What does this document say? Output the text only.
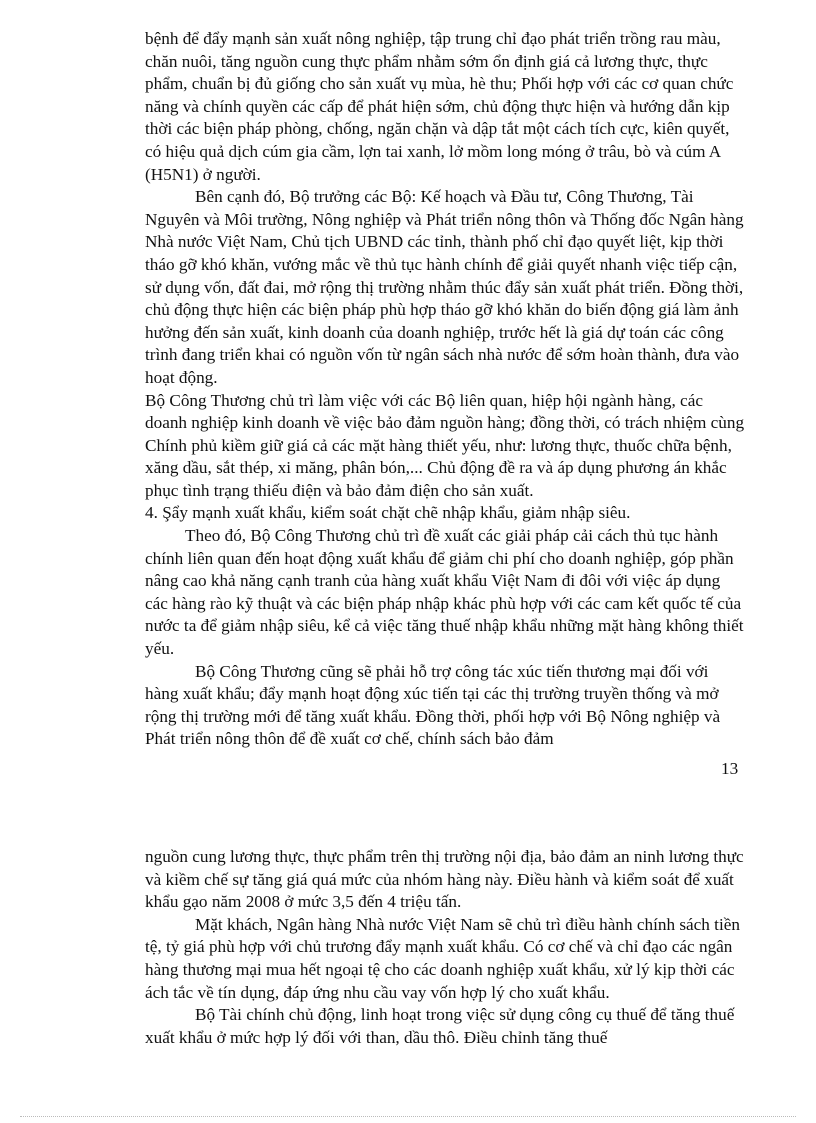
bệnh để đẩy mạnh sản xuất nông nghiệp, tập trung chỉ đạo phát triển trồng rau màu, chăn nuôi, tăng nguồn cung thực phẩm nhằm sớm ổn định giá cả lương thực, thực phẩm, chuẩn bị đủ giống cho sản xuất vụ mùa, hè thu; Phối hợp với các cơ quan chức năng và chính quyền các cấp để phát hiện sớm, chủ động thực hiện và hướng dẫn kịp thời các biện pháp phòng, chống, ngăn chặn và dập tắt một cách tích cực, kiên quyết, có hiệu quả dịch cúm gia cầm, lợn tai xanh, lở mồm long móng ở trâu, bò và cúm A (H5N1) ở người.

Bên cạnh đó, Bộ trưởng các Bộ: Kế hoạch và Đầu tư, Công Thương, Tài Nguyên và Môi trường, Nông nghiệp và Phát triển nông thôn và Thống đốc Ngân hàng Nhà nước Việt Nam, Chủ tịch UBND các tỉnh, thành phố chỉ đạo quyết liệt, kịp thời tháo gỡ khó khăn, vướng mắc về thủ tục hành chính để giải quyết nhanh việc tiếp cận, sử dụng vốn, đất đai, mở rộng thị trường nhằm thúc đẩy sản xuất phát triển. Đồng thời, chủ động thực hiện các biện pháp phù hợp tháo gỡ khó khăn do biến động giá làm ảnh hưởng đến sản xuất, kinh doanh của doanh nghiệp, trước hết là giá dự toán các công trình đang triển khai có nguồn vốn từ ngân sách nhà nước để sớm hoàn thành, đưa vào hoạt động.

Bộ Công Thương chủ trì làm việc với các Bộ liên quan, hiệp hội ngành hàng, các doanh nghiệp kinh doanh về việc bảo đảm nguồn hàng; đồng thời, có trách nhiệm cùng Chính phủ kiềm giữ giá cả các mặt hàng thiết yếu, như: lương thực, thuốc chữa bệnh, xăng dầu, sắt thép, xi măng, phân bón,... Chủ động đề ra và áp dụng phương án khắc phục tình trạng thiếu điện và bảo đảm điện cho sản xuất.

4. Şẩy mạnh xuất khẩu, kiểm soát chặt chẽ nhập khẩu, giảm nhập siêu.

Theo đó, Bộ Công Thương chủ trì đề xuất các giải pháp cải cách thủ tục hành chính liên quan đến hoạt động xuất khẩu để giảm chi phí cho doanh nghiệp, góp phần nâng cao khả năng cạnh tranh của hàng xuất khẩu Việt Nam đi đôi với việc áp dụng các hàng rào kỹ thuật và các biện pháp nhập khác phù hợp với các cam kết quốc tế của nước ta để giảm nhập siêu, kể cả việc tăng thuế nhập khẩu những mặt hàng không thiết yếu.

Bộ Công Thương cũng sẽ phải hỗ trợ công tác xúc tiến thương mại đối với hàng xuất khẩu; đẩy mạnh hoạt động xúc tiến tại các thị trường truyền thống và mở rộng thị trường mới để tăng xuất khẩu. Đồng thời, phối hợp với Bộ Nông nghiệp và Phát triển nông thôn để đề xuất cơ chế, chính sách bảo đảm

13

nguồn cung lương thực, thực phẩm trên thị trường nội địa, bảo đảm an ninh lương thực và kiềm chế sự tăng giá quá mức của nhóm hàng này. Điều hành và kiểm soát để xuất khẩu gạo năm 2008 ở mức 3,5 đến 4 triệu tấn.

Mặt khách, Ngân hàng Nhà nước Việt Nam sẽ chủ trì điều hành chính sách tiền tệ, tỷ giá phù hợp với chủ trương đẩy mạnh xuất khẩu. Có cơ chế và chỉ đạo các ngân hàng thương mại mua hết ngoại tệ cho các doanh nghiệp xuất khẩu, xử lý kịp thời các ách tắc về tín dụng, đáp ứng nhu cầu vay vốn hợp lý cho xuất khẩu.

Bộ Tài chính chủ động, linh hoạt trong việc sử dụng công cụ thuế để tăng thuế xuất khẩu ở mức hợp lý đối với than, dầu thô. Điều chỉnh tăng thuế
